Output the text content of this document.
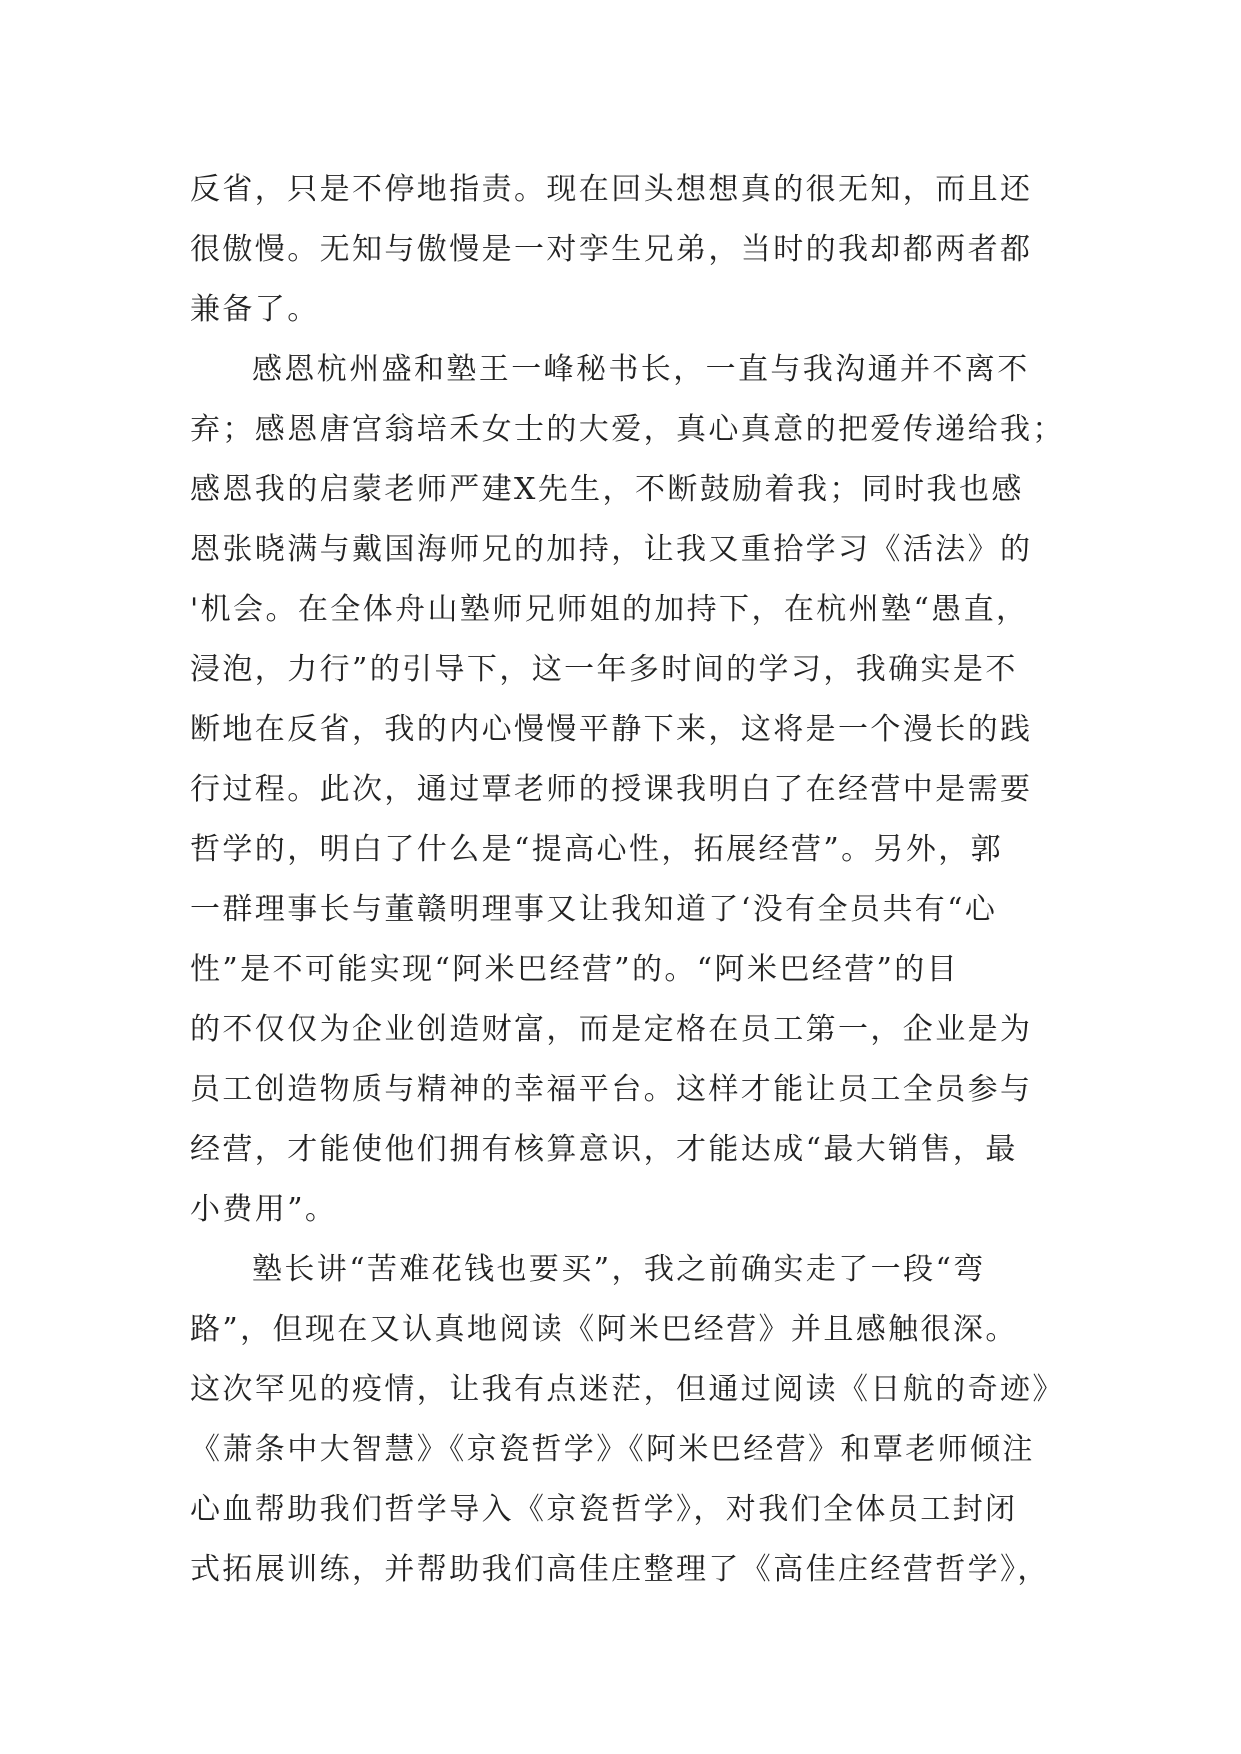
反省，只是不停地指责。现在回头想想真的很无知，而且还
很傲慢。无知与傲慢是一对孪生兄弟，当时的我却都两者都
兼备了。
感恩杭州盛和塾王一峰秘书长，一直与我沟通并不离不
弃；感恩唐宫翁培禾女士的大爱，真心真意的把爱传递给我；
感恩我的启蒙老师严建X先生，不断鼓励着我；同时我也感
恩张晓满与戴国海师兄的加持，让我又重拾学习《活法》的
'机会。在全体舟山塾师兄师姐的加持下，在杭州塾“愚直，
浸泡，力行”的引导下，这一年多时间的学习，我确实是不
断地在反省，我的内心慢慢平静下来，这将是一个漫长的践
行过程。此次，通过覃老师的授课我明白了在经营中是需要
哲学的，明白了什么是“提高心性，拓展经营”。另外，郭
一群理事长与董赣明理事又让我知道了‘没有全员共有“心
性”是不可能实现“阿米巴经营”的。“阿米巴经营”的目
的不仅仅为企业创造财富，而是定格在员工第一，企业是为
员工创造物质与精神的幸福平台。这样才能让员工全员参与
经营，才能使他们拥有核算意识，才能达成“最大销售，最
小费用”。
塾长讲“苦难花钱也要买”，我之前确实走了一段“弯
路”，但现在又认真地阅读《阿米巴经营》并且感触很深。
这次罕见的疫情，让我有点迷茫，但通过阅读《日航的奇迹》
《萧条中大智慧》《京瓷哲学》《阿米巴经营》和覃老师倾注
心血帮助我们哲学导入《京瓷哲学》，对我们全体员工封闭
式拓展训练，并帮助我们高佳庄整理了《高佳庄经营哲学》，
